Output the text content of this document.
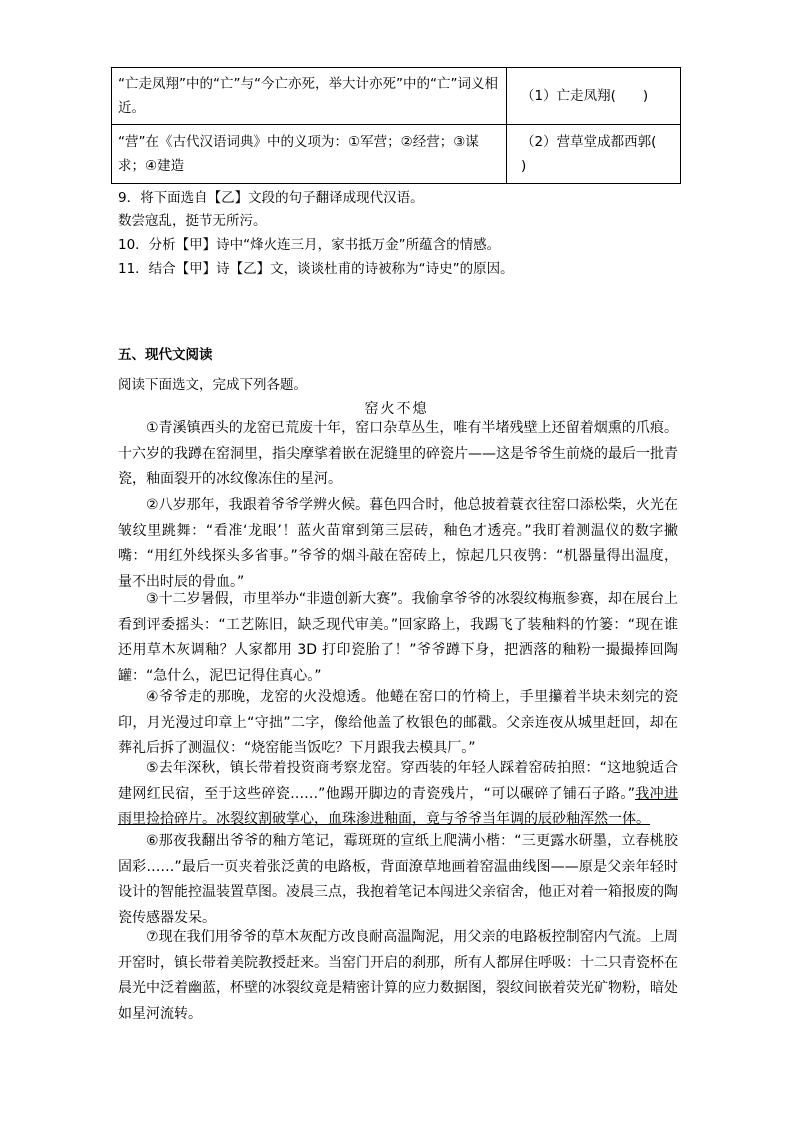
“亡走凤翔”中的“亡”与“今亡亦死，举大计亦死”中的“亡”词义相近。	（1）亡走凤翔(　　)
“营”在《古代汉语词典》中的义项为：①军营；②经营；③谋求；④建造	（2）营草堂成都西郭(　　)
9．将下面选自【乙】文段的句子翻译成现代汉语。
数尝寇乱，挺节无所污。
10．分析【甲】诗中“烽火连三月，家书抵万金”所蕴含的情感。
11．结合【甲】诗【乙】文，谈谈杜甫的诗被称为“诗史”的原因。
五、现代文阅读
阅读下面选文，完成下列各题。
窑火不熄
①青溪镇西头的龙窑已荒废十年，窑口杂草丛生，唯有半堵残壁上还留着烟熏的爪痕。十六岁的我蹲在窑洞里，指尖摩挲着嵌在泥缝里的碎瓷片——这是爷爷生前烧的最后一批青瓷，釉面裂开的冰纹像冻住的星河。
②八岁那年，我跟着爷爷学辨火候。暮色四合时，他总披着蓑衣往窑口添松柴，火光在皱纹里跳舞：“看准‘龙眼’！蓝火苗窜到第三层砖，釉色才透亮。”我盯着测温仪的数字撇嘴：“用红外线探头多省事。”爷爷的烟斗敲在窑砖上，惊起几只夜鸮：“机器量得出温度，量不出时辰的骨血。”
③十二岁暑假，市里举办“非遗创新大赛”。我偷拿爷爷的冰裂纹梅瓶参赛，却在展台上看到评委摇头：“工艺陈旧，缺乏现代审美。”回家路上，我踢飞了装釉料的竹篓：“现在谁还用草木灰调釉？人家都用 3D 打印瓷胎了！”爷爷蹲下身，把洒落的釉粉一撮撮捧回陶罐：“急什么，泥巴记得住真心。”
④爷爷走的那晚，龙窑的火没熄透。他蜷在窑口的竹椅上，手里攥着半块未刻完的瓷印，月光漫过印章上“守拙”二字，像给他盖了枚银色的邮戳。父亲连夜从城里赶回，却在葬礼后拆了测温仪：“烧窑能当饭吃？下月跟我去模具厂。”
⑤去年深秋，镇长带着投资商考察龙窑。穿西装的年轻人踩着窑砖拍照：“这地貌适合建网红民宿，至于这些碎瓷……”他踢开脚边的青瓷残片，“可以碾碎了铺石子路。”我冲进雨里捡拾碎片。冰裂纹割破掌心，血珠渗进釉面，竟与爷爷当年调的辰砂釉浑然一体。
⑥那夜我翻出爷爷的釉方笔记，霉斑斑的宣纸上爬满小楷：“三更露水研墨，立春桃胶固彩……”最后一页夹着张泛黄的电路板，背面潦草地画着窑温曲线图——原是父亲年轻时设计的智能控温装置草图。凌晨三点，我抱着笔记本闯进父亲宿舍，他正对着一箱报废的陶瓷传感器发呆。
⑦现在我们用爷爷的草木灰配方改良耐高温陶泥，用父亲的电路板控制窑内气流。上周开窑时，镇长带着美院教授赶来。当窑门开启的刹那，所有人都屏住呼吸：十二只青瓷杯在晨光中泛着幽蓝，杯壁的冰裂纹竟是精密计算的应力数据图，裂纹间嵌着荧光矿物粉，暗处如星河流转。
